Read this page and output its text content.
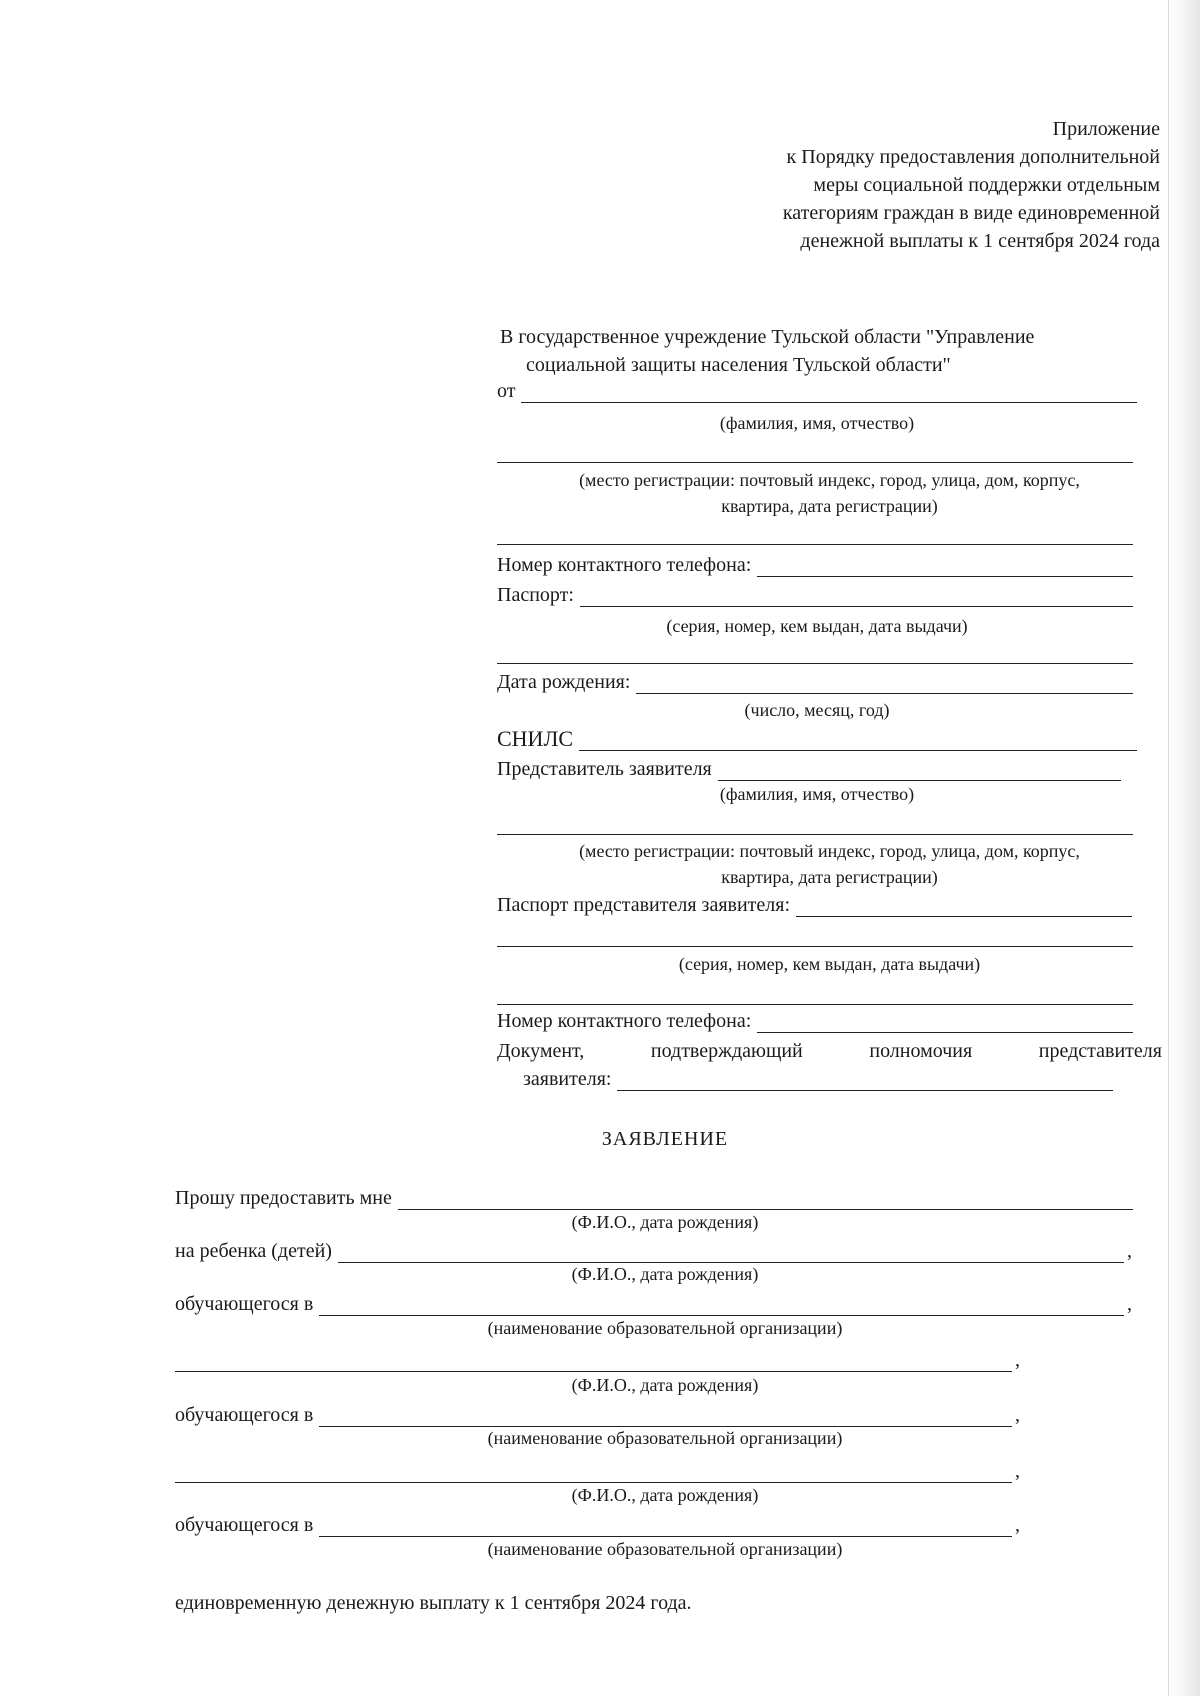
Приложение
к Порядку предоставления дополнительной
меры социальной поддержки отдельным
категориям граждан в виде единовременной
денежной выплаты к 1 сентября 2024 года
В государственное учреждение Тульской области "Управление
социальной защиты населения Тульской области"
от
(фамилия, имя, отчество)
(место регистрации: почтовый индекс, город, улица, дом, корпус,
квартира, дата регистрации)
Номер контактного телефона:
Паспорт:
(серия, номер, кем выдан, дата выдачи)
Дата рождения:
(число, месяц, год)
СНИЛС
Представитель заявителя
(фамилия, имя, отчество)
(место регистрации: почтовый индекс, город, улица, дом, корпус,
квартира, дата регистрации)
Паспорт представителя заявителя:
(серия, номер, кем выдан, дата выдачи)
Номер контактного телефона:
Документ,	подтверждающий	полномочия	представителя
заявителя:
ЗАЯВЛЕНИЕ
Прошу предоставить мне
(Ф.И.О., дата рождения)
на ребенка (детей)	,
(Ф.И.О., дата рождения)
обучающегося в	,
(наименование образовательной организации)
,
(Ф.И.О., дата рождения)
обучающегося в	,
(наименование образовательной организации)
,
(Ф.И.О., дата рождения)
обучающегося в	,
(наименование образовательной организации)
единовременную денежную выплату к 1 сентября 2024 года.
